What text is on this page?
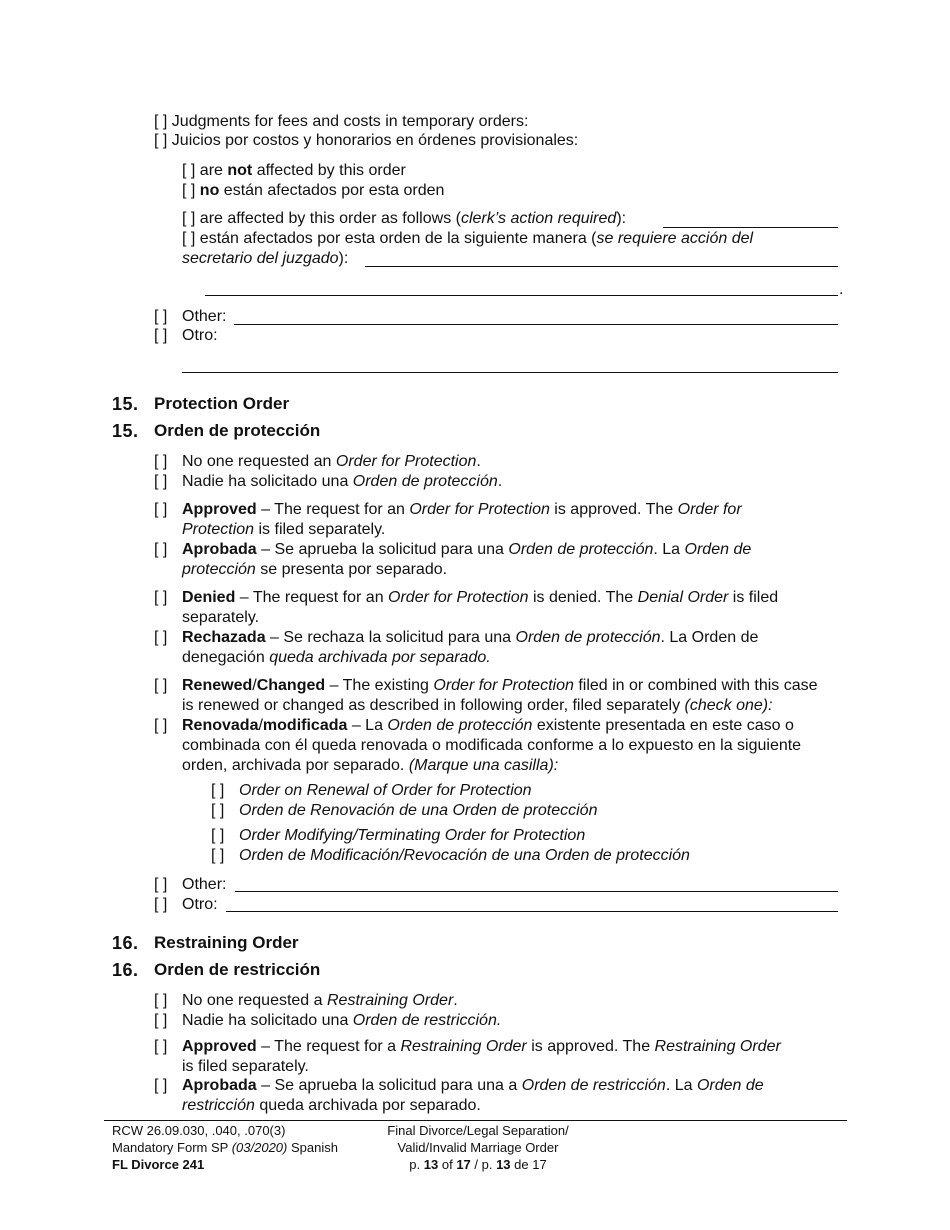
[ ] Judgments for fees and costs in temporary orders:
[ ] Juicios por costos y honorarios en órdenes provisionales:
[ ] are not affected by this order
[ ] no están afectados por esta orden
[ ] are affected by this order as follows (clerk’s action required):
[ ] están afectados por esta orden de la siguiente manera (se requiere acción del
secretario del juzgado):
.
[ ] Other:
[ ] Otro:
15. Protection Order
15. Orden de protección
[ ] No one requested an Order for Protection.
[ ] Nadie ha solicitado una Orden de protección.
[ ] Approved – The request for an Order for Protection is approved. The Order for
Protection is filed separately.
[ ] Aprobada – Se aprueba la solicitud para una Orden de protección. La Orden de
protección se presenta por separado.
[ ] Denied – The request for an Order for Protection is denied. The Denial Order is filed
separately.
[ ] Rechazada – Se rechaza la solicitud para una Orden de protección. La Orden de
denegación queda archivada por separado.
[ ] Renewed/Changed – The existing Order for Protection filed in or combined with this case
is renewed or changed as described in following order, filed separately (check one):
[ ] Renovada/modificada – La Orden de protección existente presentada en este caso o
combinada con él queda renovada o modificada conforme a lo expuesto en la siguiente
orden, archivada por separado. (Marque una casilla):
[ ] Order on Renewal of Order for Protection
[ ] Orden de Renovación de una Orden de protección
[ ] Order Modifying/Terminating Order for Protection
[ ] Orden de Modificación/Revocación de una Orden de protección
[ ] Other:
[ ] Otro:
16. Restraining Order
16. Orden de restricción
[ ] No one requested a Restraining Order.
[ ] Nadie ha solicitado una Orden de restricción.
[ ] Approved – The request for a Restraining Order is approved. The Restraining Order
is filed separately.
[ ] Aprobada – Se aprueba la solicitud para una a Orden de restricción. La Orden de
restricción queda archivada por separado.
RCW 26.09.030, .040, .070(3)
Mandatory Form SP (03/2020) Spanish
FL Divorce 241
Final Divorce/Legal Separation/
Valid/Invalid Marriage Order
p. 13 of 17 / p. 13 de 17
